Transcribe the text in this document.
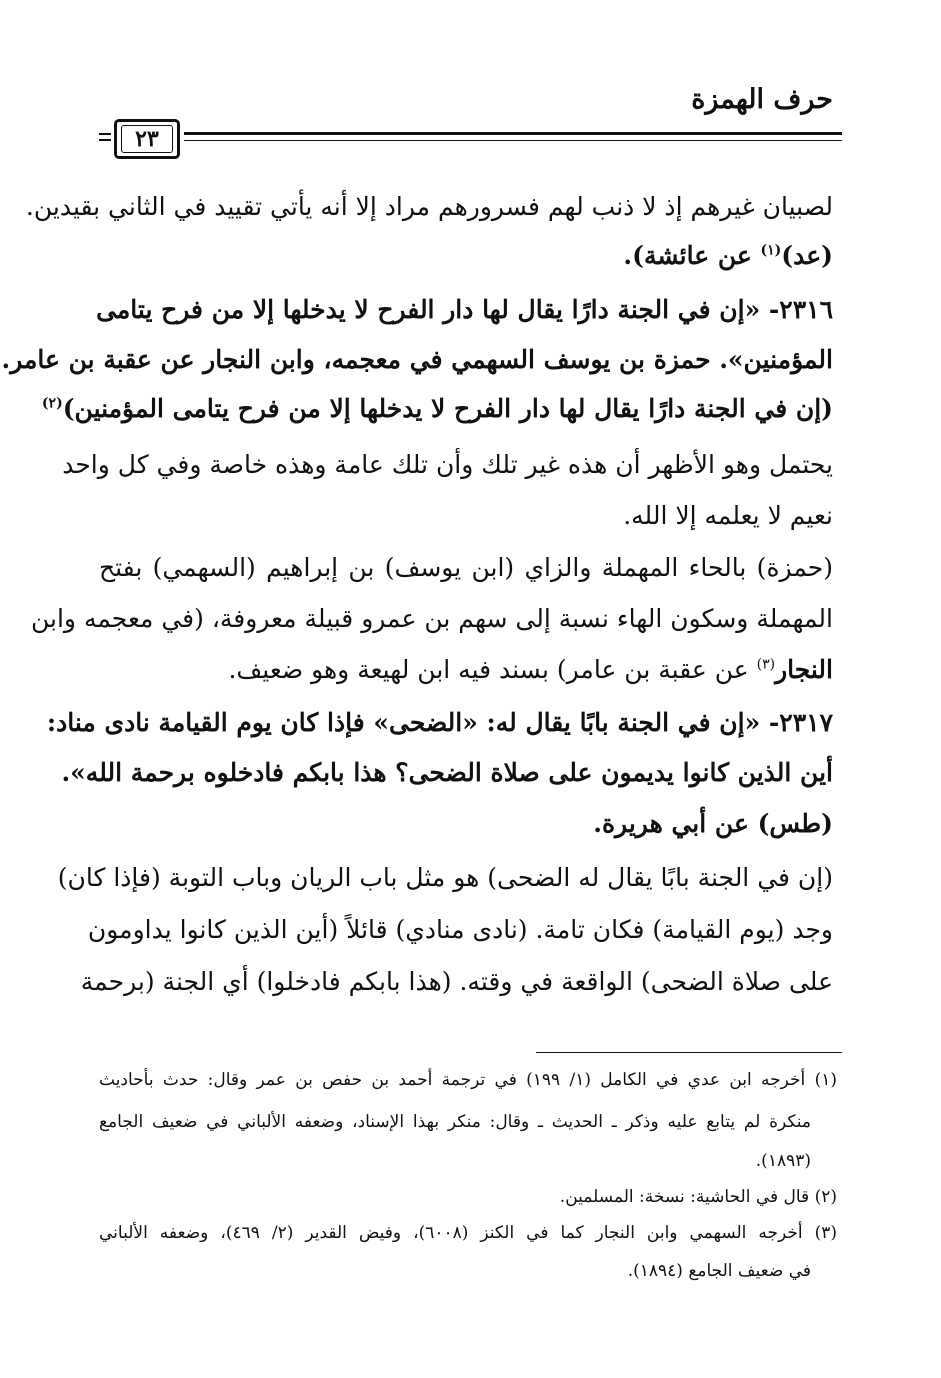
حرف الهمزة
٢٣
لصبيان غيرهم إذ لا ذنب لهم فسرورهم مراد إلا أنه يأتي تقييد في الثاني بقيدين.
(عد)$^{(١)}$ عن عائشة).
٢٣١٦- «إن في الجنة دارًا يقال لها دار الفرح لا يدخلها إلا من فرح يتامى
المؤمنين». حمزة بن يوسف السهمي في معجمه، وابن النجار عن عقبة بن عامر.
(إن في الجنة دارًا يقال لها دار الفرح لا يدخلها إلا من فرح يتامى المؤمنين)$^{(٢)}$
يحتمل وهو الأظهر أن هذه غير تلك وأن تلك عامة وهذه خاصة وفي كل واحد
نعيم لا يعلمه إلا الله.
(حمزة) بالحاء المهملة والزاي (ابن يوسف) بن إبراهيم (السهمي) بفتح
المهملة وسكون الهاء نسبة إلى سهم بن عمرو قبيلة معروفة، (في معجمه وابن
النجار$^{(٣)}$ عن عقبة بن عامر) بسند فيه ابن لهيعة وهو ضعيف.
٢٣١٧- «إن في الجنة بابًا يقال له: «الضحى» فإذا كان يوم القيامة نادى مناد:
أين الذين كانوا يديمون على صلاة الضحى؟ هذا بابكم فادخلوه برحمة الله».
(طس) عن أبي هريرة.
(إن في الجنة بابًا يقال له الضحى) هو مثل باب الريان وباب التوبة (فإذا كان)
وجد (يوم القيامة) فكان تامة. (نادى منادي) قائلاً (أين الذين كانوا يداومون
على صلاة الضحى) الواقعة في وقته. (هذا بابكم فادخلوا) أي الجنة (برحمة
(١) أخرجه ابن عدي في الكامل (١/ ١٩٩) في ترجمة أحمد بن حفص بن عمر وقال: حدث بأحاديث
منكرة لم يتابع عليه وذكر ـ الحديث ـ وقال: منكر بهذا الإسناد، وضعفه الألباني في ضعيف الجامع
(١٨٩٣).
(٢) قال في الحاشية: نسخة: المسلمين.
(٣) أخرجه السهمي وابن النجار كما في الكنز (٦٠٠٨)، وفيض القدير (٢/ ٤٦٩)، وضعفه الألباني
في ضعيف الجامع (١٨٩٤).
